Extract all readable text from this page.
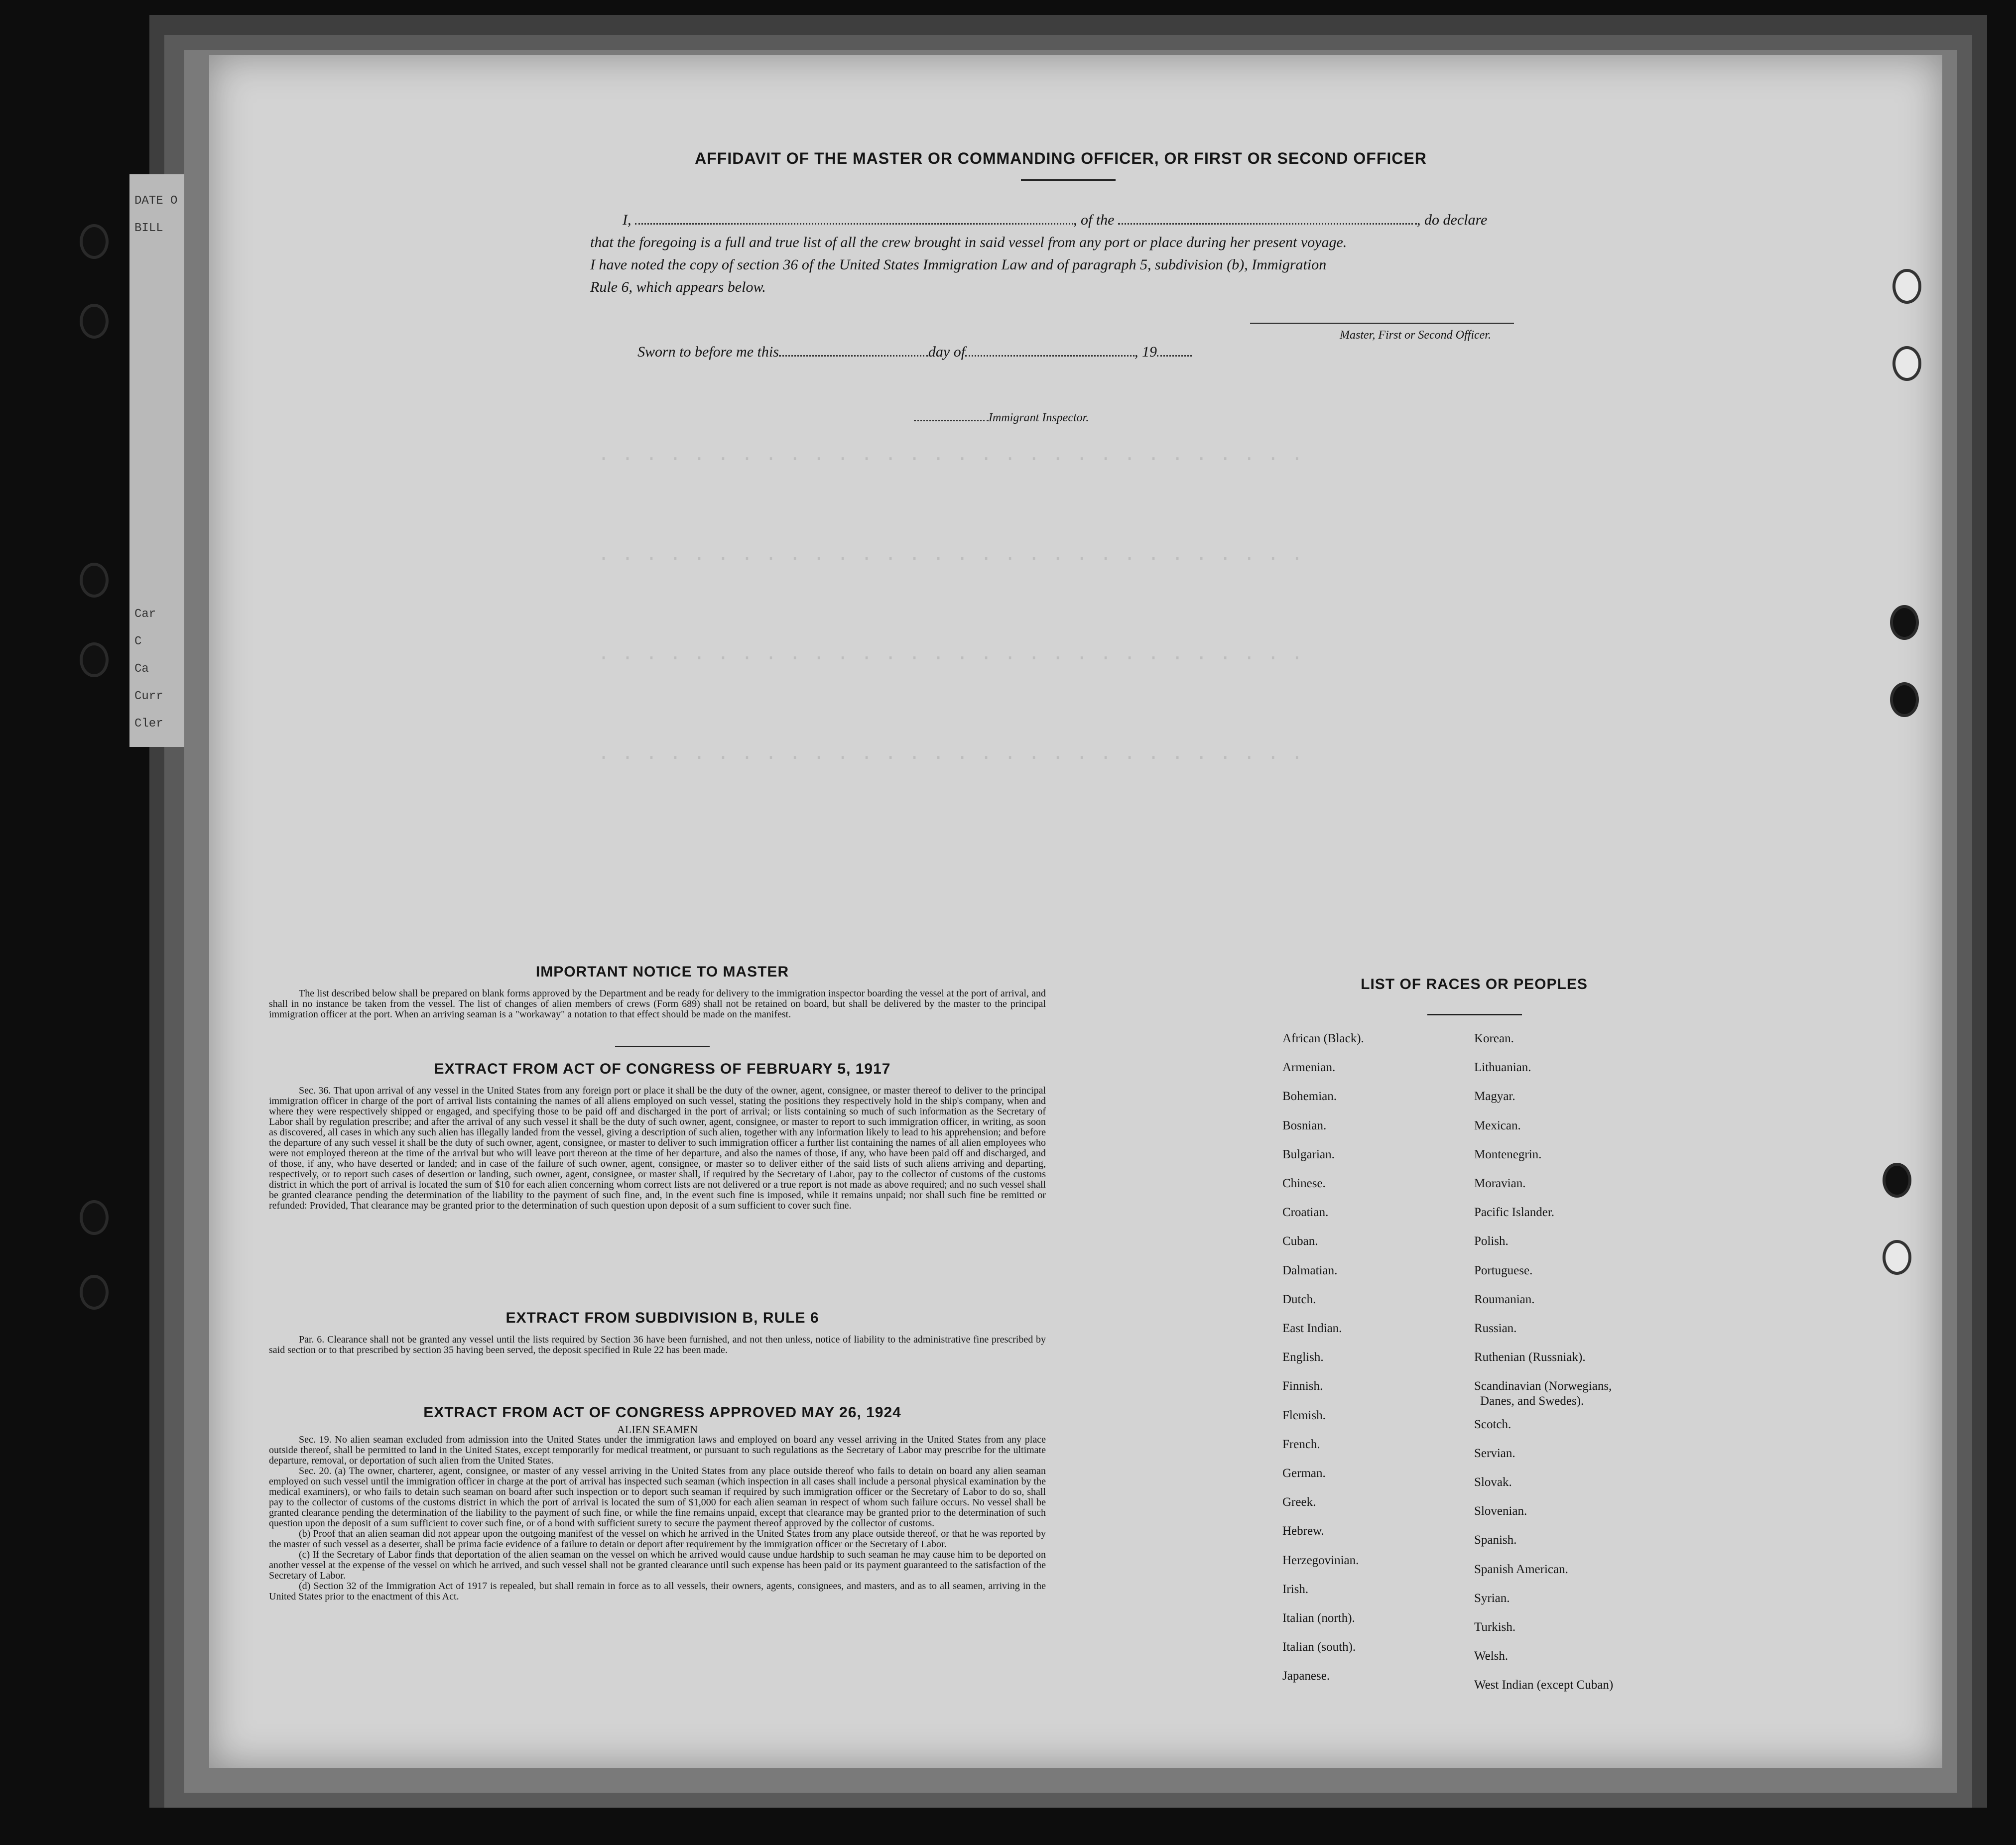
DATE O
BILL
Car
C
Ca
Curr
Cler
· · · · · · · · · · · · · · · · · · · · · · · · · · · · · ·
· · · · · · · · · · · · · · · · · · · · · · · · · · · · · ·
· · · · · · · · · · · · · · · · · · · · · · · · · · · · · ·
· · · · · · · · · · · · · · · · · · · · · · · · · · · · · ·
AFFIDAVIT OF THE MASTER OR COMMANDING OFFICER, OR FIRST OR SECOND OFFICER
I,	, of the	, do declare
that the foregoing is a full and true list of all the crew brought in said vessel from any port or place during her present voyage.
I have noted the copy of section 36 of the United States Immigration Law and of paragraph 5, subdivision (b), Immigration
Rule 6, which appears below.
Master, First or Second Officer.
Sworn to before me this	day of	, 19
Immigrant Inspector.
IMPORTANT NOTICE TO MASTER

The list described below shall be prepared on blank forms approved by the Department and be ready for delivery to the immigration inspector boarding the vessel at the port of arrival, and shall in no instance be taken from the vessel. The list of changes of alien members of crews (Form 689) shall not be retained on board, but shall be delivered by the master to the principal immigration officer at the port. When an arriving seaman is a "workaway" a notation to that effect should be made on the manifest.

EXTRACT FROM ACT OF CONGRESS OF FEBRUARY 5, 1917

Sec. 36. That upon arrival of any vessel in the United States from any foreign port or place it shall be the duty of the owner, agent, consignee, or master thereof to deliver to the principal immigration officer in charge of the port of arrival lists containing the names of all aliens employed on such vessel, stating the positions they respectively hold in the ship's company, when and where they were respectively shipped or engaged, and specifying those to be paid off and discharged in the port of arrival; or lists containing so much of such information as the Secretary of Labor shall by regulation prescribe; and after the arrival of any such vessel it shall be the duty of such owner, agent, consignee, or master to report to such immigration officer, in writing, as soon as discovered, all cases in which any such alien has illegally landed from the vessel, giving a description of such alien, together with any information likely to lead to his apprehension; and before the departure of any such vessel it shall be the duty of such owner, agent, consignee, or master to deliver to such immigration officer a further list containing the names of all alien employees who were not employed thereon at the time of the arrival but who will leave port thereon at the time of her departure, and also the names of those, if any, who have been paid off and discharged, and of those, if any, who have deserted or landed; and in case of the failure of such owner, agent, consignee, or master so to deliver either of the said lists of such aliens arriving and departing, respectively, or to report such cases of desertion or landing, such owner, agent, consignee, or master shall, if required by the Secretary of Labor, pay to the collector of customs of the customs district in which the port of arrival is located the sum of $10 for each alien concerning whom correct lists are not delivered or a true report is not made as above required; and no such vessel shall be granted clearance pending the determination of the liability to the payment of such fine, and, in the event such fine is imposed, while it remains unpaid; nor shall such fine be remitted or refunded: Provided, That clearance may be granted prior to the determination of such question upon deposit of a sum sufficient to cover such fine.

EXTRACT FROM SUBDIVISION B, RULE 6

Par. 6. Clearance shall not be granted any vessel until the lists required by Section 36 have been furnished, and not then unless, notice of liability to the administrative fine prescribed by said section or to that prescribed by section 35 having been served, the deposit specified in Rule 22 has been made.

EXTRACT FROM ACT OF CONGRESS APPROVED MAY 26, 1924
ALIEN SEAMEN

Sec. 19. No alien seaman excluded from admission into the United States under the immigration laws and employed on board any vessel arriving in the United States from any place outside thereof, shall be permitted to land in the United States, except temporarily for medical treatment, or pursuant to such regulations as the Secretary of Labor may prescribe for the ultimate departure, removal, or deportation of such alien from the United States.

Sec. 20. (a) The owner, charterer, agent, consignee, or master of any vessel arriving in the United States from any place outside thereof who fails to detain on board any alien seaman employed on such vessel until the immigration officer in charge at the port of arrival has inspected such seaman (which inspection in all cases shall include a personal physical examination by the medical examiners), or who fails to detain such seaman on board after such inspection or to deport such seaman if required by such immigration officer or the Secretary of Labor to do so, shall pay to the collector of customs of the customs district in which the port of arrival is located the sum of $1,000 for each alien seaman in respect of whom such failure occurs. No vessel shall be granted clearance pending the determination of the liability to the payment of such fine, or while the fine remains unpaid, except that clearance may be granted prior to the determination of such question upon the deposit of a sum sufficient to cover such fine, or of a bond with sufficient surety to secure the payment thereof approved by the collector of customs.

(b) Proof that an alien seaman did not appear upon the outgoing manifest of the vessel on which he arrived in the United States from any place outside thereof, or that he was reported by the master of such vessel as a deserter, shall be prima facie evidence of a failure to detain or deport after requirement by the immigration officer or the Secretary of Labor.

(c) If the Secretary of Labor finds that deportation of the alien seaman on the vessel on which he arrived would cause undue hardship to such seaman he may cause him to be deported on another vessel at the expense of the vessel on which he arrived, and such vessel shall not be granted clearance until such expense has been paid or its payment guaranteed to the satisfaction of the Secretary of Labor.

(d) Section 32 of the Immigration Act of 1917 is repealed, but shall remain in force as to all vessels, their owners, agents, consignees, and masters, and as to all seamen, arriving in the United States prior to the enactment of this Act.

LIST OF RACES OR PEOPLES
African (Black).
Armenian.
Bohemian.
Bosnian.
Bulgarian.
Chinese.
Croatian.
Cuban.
Dalmatian.
Dutch.
East Indian.
English.
Finnish.
Flemish.
French.
German.
Greek.
Hebrew.
Herzegovinian.
Irish.
Italian (north).
Italian (south).
Japanese.
Korean.
Lithuanian.
Magyar.
Mexican.
Montenegrin.
Moravian.
Pacific Islander.
Polish.
Portuguese.
Roumanian.
Russian.
Ruthenian (Russniak).
Scandinavian (Norwegians,
Danes, and Swedes).
Scotch.
Servian.
Slovak.
Slovenian.
Spanish.
Spanish American.
Syrian.
Turkish.
Welsh.
West Indian (except Cuban)
